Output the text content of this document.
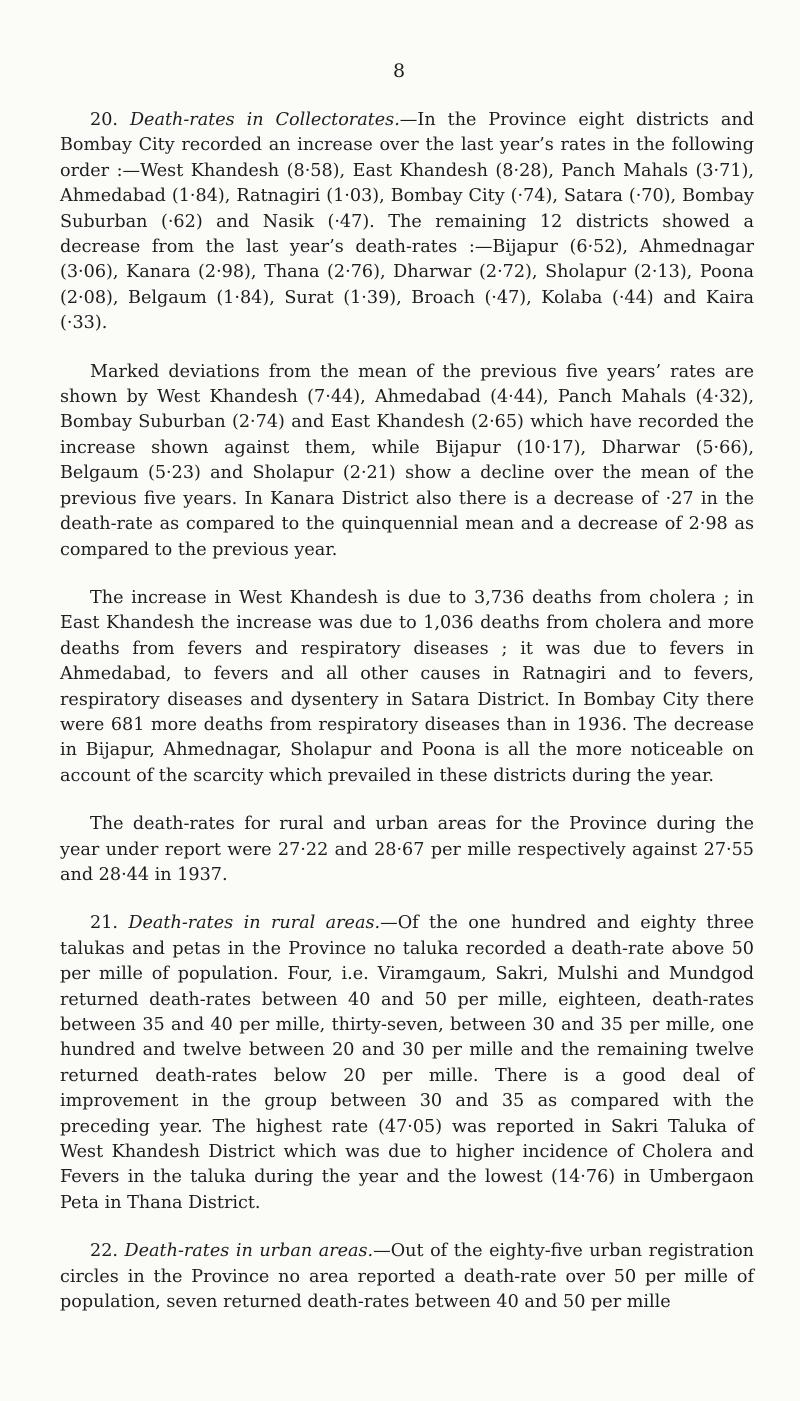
8

20. Death-rates in Collectorates.—In the Province eight districts and Bombay City recorded an increase over the last year’s rates in the following order :—West Khandesh (8·58), East Khandesh (8·28), Panch Mahals (3·71), Ahmedabad (1·84), Ratnagiri (1·03), Bombay City (·74), Satara (·70), Bombay Suburban (·62) and Nasik (·47). The remaining 12 districts showed a decrease from the last year’s death-rates :—Bijapur (6·52), Ahmednagar (3·06), Kanara (2·98), Thana (2·76), Dharwar (2·72), Sholapur (2·13), Poona (2·08), Belgaum (1·84), Surat (1·39), Broach (·47), Kolaba (·44) and Kaira (·33).

Marked deviations from the mean of the previous five years’ rates are shown by West Khandesh (7·44), Ahmedabad (4·44), Panch Mahals (4·32), Bombay Suburban (2·74) and East Khandesh (2·65) which have recorded the increase shown against them, while Bijapur (10·17), Dharwar (5·66), Belgaum (5·23) and Sholapur (2·21) show a decline over the mean of the previous five years. In Kanara District also there is a decrease of ·27 in the death-rate as compared to the quinquennial mean and a decrease of 2·98 as compared to the previous year.

The increase in West Khandesh is due to 3,736 deaths from cholera ; in East Khandesh the increase was due to 1,036 deaths from cholera and more deaths from fevers and respiratory diseases ; it was due to fevers in Ahmedabad, to fevers and all other causes in Ratnagiri and to fevers, respiratory diseases and dysentery in Satara District. In Bombay City there were 681 more deaths from respiratory diseases than in 1936. The decrease in Bijapur, Ahmednagar, Sholapur and Poona is all the more noticeable on account of the scarcity which prevailed in these districts during the year.

The death-rates for rural and urban areas for the Province during the year under report were 27·22 and 28·67 per mille respectively against 27·55 and 28·44 in 1937.

21. Death-rates in rural areas.—Of the one hundred and eighty three talukas and petas in the Province no taluka recorded a death-rate above 50 per mille of population. Four, i.e. Viramgaum, Sakri, Mulshi and Mundgod returned death-rates between 40 and 50 per mille, eighteen, death-rates between 35 and 40 per mille, thirty-seven, between 30 and 35 per mille, one hundred and twelve between 20 and 30 per mille and the remaining twelve returned death-rates below 20 per mille. There is a good deal of improvement in the group between 30 and 35 as compared with the preceding year. The highest rate (47·05) was reported in Sakri Taluka of West Khandesh District which was due to higher incidence of Cholera and Fevers in the taluka during the year and the lowest (14·76) in Umbergaon Peta in Thana District.

22. Death-rates in urban areas.—Out of the eighty-five urban registration circles in the Province no area reported a death-rate over 50 per mille of population, seven returned death-rates between 40 and 50 per mille
